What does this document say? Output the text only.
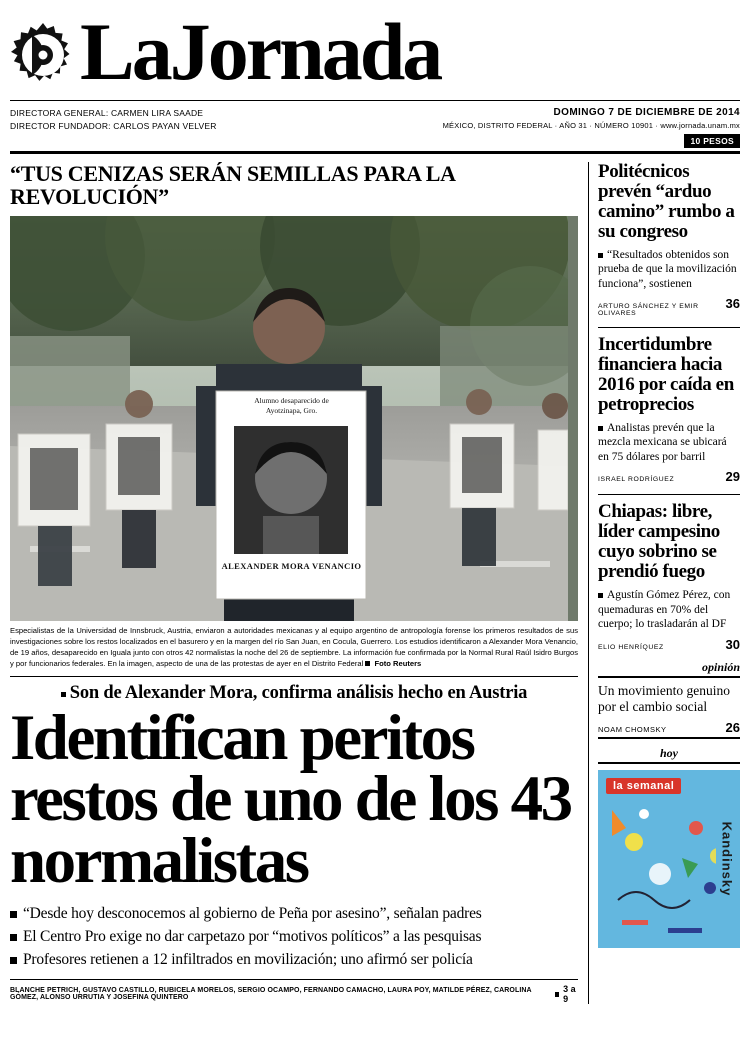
LaJornada
DIRECTORA GENERAL: CARMEN LIRA SAADE
DIRECTOR FUNDADOR: CARLOS PAYAN VELVER
DOMINGO 7 DE DICIEMBRE DE 2014
MÉXICO, DISTRITO FEDERAL · AÑO 31 · NÚMERO 10901 · www.jornada.unam.mx
10 PESOS
“TUS CENIZAS SERÁN SEMILLAS PARA LA REVOLUCIÓN”
Alumno desaparecido de
Ayotzinapa, Gro.
ALEXANDER MORA VENANCIO
Especialistas de la Universidad de Innsbruck, Austria, enviaron a autoridades mexicanas y al equipo argentino de antropología forense los primeros resultados de sus investigaciones sobre los restos localizados en el basurero y en la margen del río San Juan, en Cocula, Guerrero. Los estudios identificaron a Alexander Mora Venancio, de 19 años, desaparecido en Iguala junto con otros 42 normalistas la noche del 26 de septiembre. La información fue confirmada por la Normal Rural Raúl Isidro Burgos y por funcionarios federales. En la imagen, aspecto de una de las protestas de ayer en el Distrito Federal Foto Reuters
Son de Alexander Mora, confirma análisis hecho en Austria
Identifican peritos restos de uno de los 43 normalistas
“Desde hoy desconocemos al gobierno de Peña por asesino”, señalan padres
El Centro Pro exige no dar carpetazo por “motivos políticos” a las pesquisas
Profesores retienen a 12 infiltrados en movilización; uno afirmó ser policía
BLANCHE PETRICH, GUSTAVO CASTILLO, RUBICELA MORELOS, SERGIO OCAMPO, FERNANDO CAMACHO, LAURA POY, MATILDE PÉREZ, CAROLINA GÓMEZ, ALONSO URRUTIA Y JOSEFINA QUINTERO
3 a 9
Politécnicos prevén “arduo camino” rumbo a su congreso

“Resultados obtenidos son prueba de que la movilización funciona”, sostienen

ARTURO SÁNCHEZ Y EMIR OLIVARES
36
Incertidumbre financiera hacia 2016 por caída en petroprecios

Analistas prevén que la mezcla mexicana se ubicará en 75 dólares por barril

ISRAEL RODRÍGUEZ	29
Chiapas: libre, líder campesino cuyo sobrino se prendió fuego

Agustín Gómez Pérez, con quemaduras en 70% del cuerpo; lo trasladarán al DF

ELIO HENRÍQUEZ	30
opinión
Un movimiento genuino por el cambio social
NOAM CHOMSKY	26
hoy
la semanal
Kandinsky
